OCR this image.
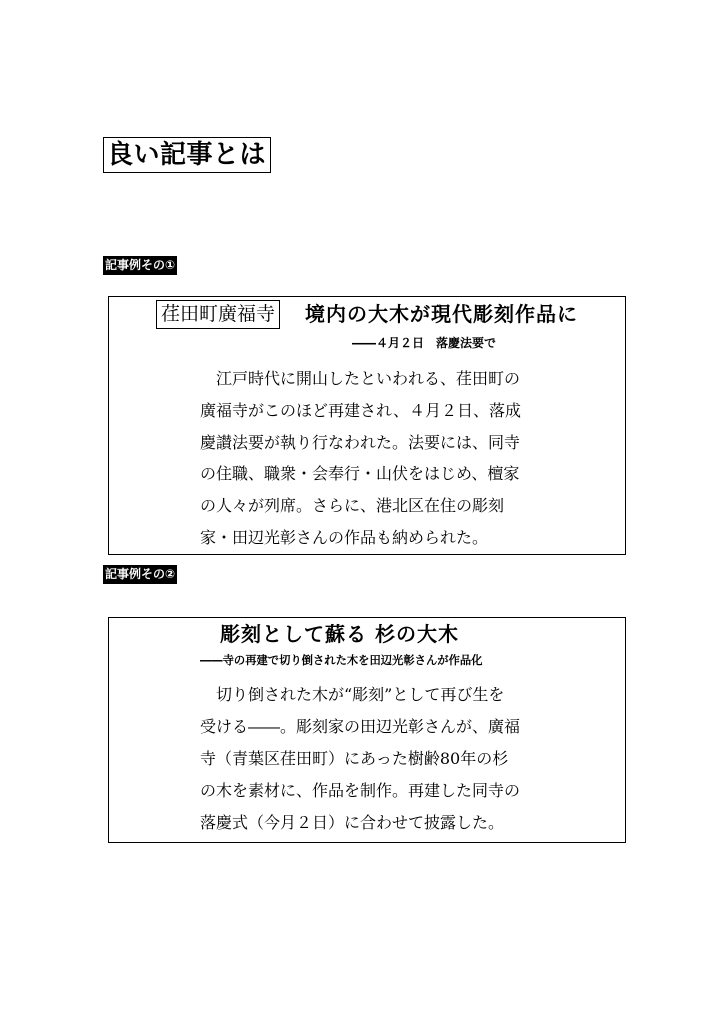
良い記事とは
記事例その①
荏田町廣福寺 境内の大木が現代彫刻作品に
――４月２日　落慶法要で
　江戸時代に開山したといわれる、荏田町の
廣福寺がこのほど再建され、４月２日、落成
慶讃法要が執り行なわれた。法要には、同寺
の住職、職衆・会奉行・山伏をはじめ、檀家
の人々が列席。さらに、港北区在住の彫刻
家・田辺光彰さんの作品も納められた。
記事例その②
彫刻として蘇る 杉の大木
――寺の再建で切り倒された木を田辺光彰さんが作品化
　切り倒された木が“彫刻”として再び生を
受ける――。彫刻家の田辺光彰さんが、廣福
寺（青葉区荏田町）にあった樹齢80年の杉
の木を素材に、作品を制作。再建した同寺の
落慶式（今月２日）に合わせて披露した。
